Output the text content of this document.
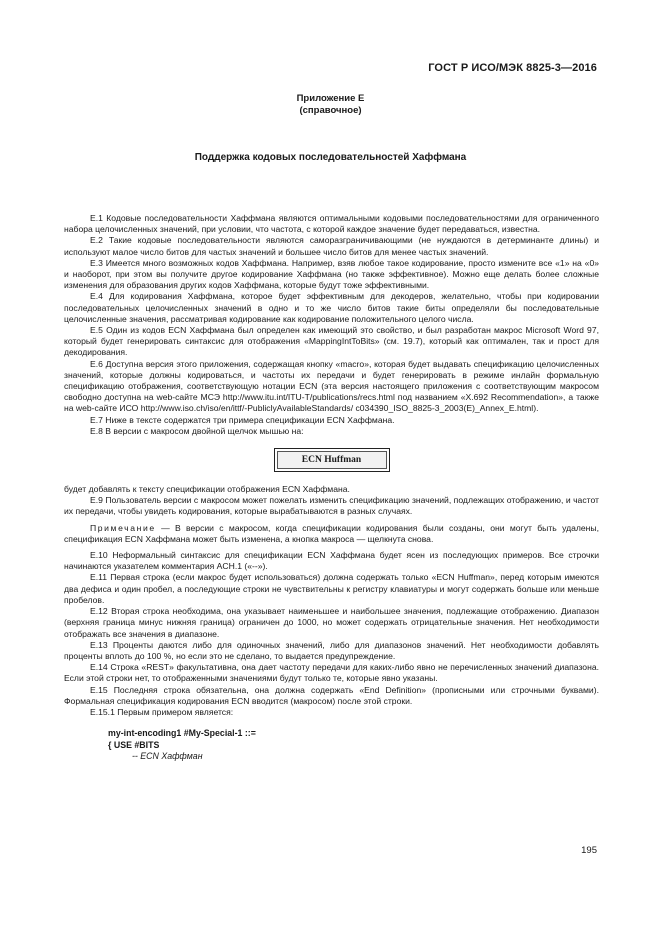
ГОСТ Р ИСО/МЭК 8825-3—2016
Приложение Е
(справочное)
Поддержка кодовых последовательностей Хаффмана

Е.1 Кодовые последовательности Хаффмана являются оптимальными кодовыми последовательностями для ограниченного набора целочисленных значений, при условии, что частота, с которой каждое значение будет передаваться, известна.

Е.2 Такие кодовые последовательности являются саморазграничивающими (не нуждаются в детерминанте длины) и используют малое число битов для частых значений и большее число битов для менее частых значений.

Е.3 Имеется много возможных кодов Хаффмана. Например, взяв любое такое кодирование, просто измените все «1» на «0» и наоборот, при этом вы получите другое кодирование Хаффмана (но также эффективное). Можно еще делать более сложные изменения для образования других кодов Хаффмана, которые будут тоже эффективными.

Е.4 Для кодирования Хаффмана, которое будет эффективным для декодеров, желательно, чтобы при кодировании последовательных целочисленных значений в одно и то же число битов такие биты определяли бы последовательные целочисленные значения, рассматривая кодирование как кодирование положительного целого числа.

Е.5 Один из кодов ECN Хаффмана был определен как имеющий это свойство, и был разработан макрос Microsoft Word 97, который будет генерировать синтаксис для отображения «MappingIntToBits» (см. 19.7), который как оптимален, так и прост для декодирования.

Е.6 Доступна версия этого приложения, содержащая кнопку «macro», которая будет выдавать спецификацию целочисленных значений, которые должны кодироваться, и частоты их передачи и будет генерировать в режиме инлайн формальную спецификацию отображения, соответствующую нотации ECN (эта версия настоящего приложения с соответствующим макросом свободно доступна на web-сайте МСЭ http://www.itu.int/ITU-T/publications/recs.html под названием «X.692 Recommendation», а также на web-сайте ИСО http://www.iso.ch/iso/en/ittf/-PubliclyAvailableStandards/ c034390_ISO_8825-3_2003(E)_Annex_E.html).

Е.7 Ниже в тексте содержатся три примера спецификации ECN Хаффмана.

Е.8 В версии с макросом двойной щелчок мышью на:

ECN Huffman

будет добавлять к тексту спецификации отображения ECN Хаффмана.

Е.9 Пользователь версии с макросом может пожелать изменить спецификацию значений, подлежащих отображению, и частот их передачи, чтобы увидеть кодирования, которые вырабатываются в разных случаях.

Примечание — В версии с макросом, когда спецификации кодирования были созданы, они могут быть удалены, спецификация ECN Хаффмана может быть изменена, а кнопка макроса — щелкнута снова.

Е.10 Неформальный синтаксис для спецификации ECN Хаффмана будет ясен из последующих примеров. Все строчки начинаются указателем комментария ACH.1 («--»).

Е.11 Первая строка (если макрос будет использоваться) должна содержать только «ECN Huffman», перед которым имеются два дефиса и один пробел, а последующие строки не чувствительны к регистру клавиатуры и могут содержать больше или меньше пробелов.

Е.12 Вторая строка необходима, она указывает наименьшее и наибольшее значения, подлежащие отображению. Диапазон (верхняя граница минус нижняя граница) ограничен до 1000, но может содержать отрицательные значения. Нет необходимости отображать все значения в диапазоне.

Е.13 Проценты даются либо для одиночных значений, либо для диапазонов значений. Нет необходимости добавлять проценты вплоть до 100 %, но если это не сделано, то выдается предупреждение.

Е.14 Строка «REST» факультативна, она дает частоту передачи для каких-либо явно не перечисленных значений диапазона. Если этой строки нет, то отображенными значениями будут только те, которые явно указаны.

Е.15 Последняя строка обязательна, она должна содержать «End Definition» (прописными или строчными буквами). Формальная спецификация кодирования ECN вводится (макросом) после этой строки.

Е.15.1 Первым примером является:

my-int-encoding1 #My-Special-1 ::=
{ USE #BITS
-- ECN Хаффман
195
